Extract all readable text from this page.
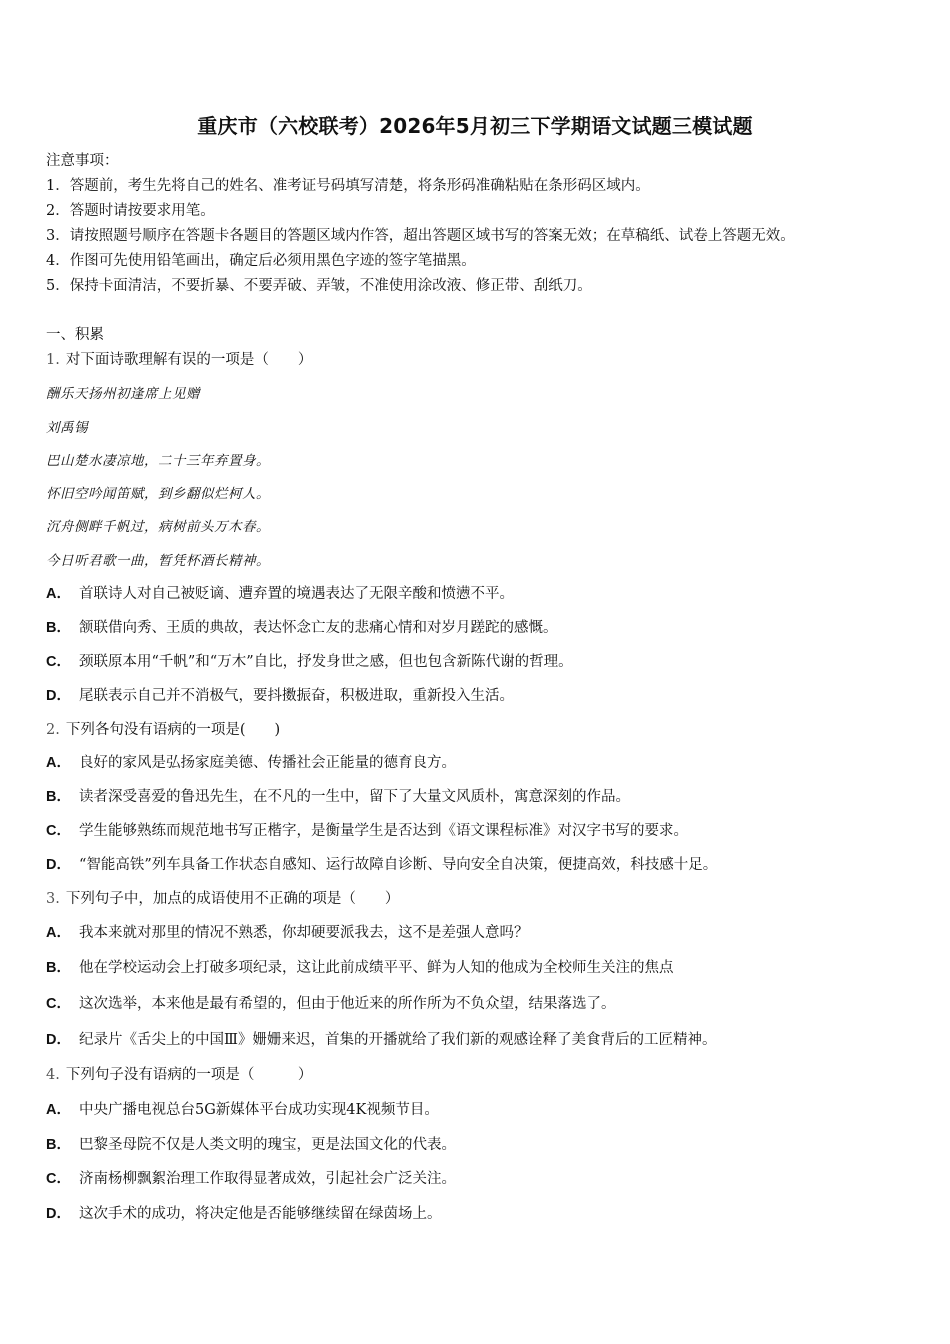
重庆市（六校联考）2026年5月初三下学期语文试题三模试题
注意事项：
1．答题前，考生先将自己的姓名、准考证号码填写清楚，将条形码准确粘贴在条形码区域内。
2．答题时请按要求用笔。
3．请按照题号顺序在答题卡各题目的答题区域内作答，超出答题区域书写的答案无效；在草稿纸、试卷上答题无效。
4．作图可先使用铅笔画出，确定后必须用黑色字迹的签字笔描黑。
5．保持卡面清洁，不要折暴、不要弄破、弄皱，不准使用涂改液、修正带、刮纸刀。
一、积累
1. 对下面诗歌理解有误的一项是（　　）
酬乐天扬州初逢席上见赠
刘禹锡
巴山楚水凄凉地，二十三年弃置身。
怀旧空吟闻笛赋，到乡翻似烂柯人。
沉舟侧畔千帆过，病树前头万木春。
今日听君歌一曲，暂凭杯酒长精神。
A． 首联诗人对自己被贬谪、遭弃置的境遇表达了无限辛酸和愤懑不平。
B． 颔联借向秀、王质的典故，表达怀念亡友的悲痛心情和对岁月蹉跎的感慨。
C． 颈联原本用“千帆”和“万木”自比，抒发身世之感，但也包含新陈代谢的哲理。
D． 尾联表示自己并不消极气，要抖擞振奋，积极进取，重新投入生活。
2. 下列各句没有语病的一项是(　　)
A． 良好的家风是弘扬家庭美德、传播社会正能量的德育良方。
B． 读者深受喜爱的鲁迅先生，在不凡的一生中，留下了大量文风质朴，寓意深刻的作品。
C． 学生能够熟练而规范地书写正楷字，是衡量学生是否达到《语文课程标准》对汉字书写的要求。
D． “智能高铁”列车具备工作状态自感知、运行故障自诊断、导向安全自决策，便捷高效，科技感十足。
3. 下列句子中，加点的成语使用不正确的项是（　　）
A． 我本来就对那里的情况不熟悉，你却硬要派我去，这不是差强人意吗？
B． 他在学校运动会上打破多项纪录，这让此前成绩平平、鲜为人知的他成为全校师生关注的焦点
C． 这次选举，本来他是最有希望的，但由于他近来的所作所为不负众望，结果落选了。
D． 纪录片《舌尖上的中国Ⅲ》姗姗来迟，首集的开播就给了我们新的观感诠释了美食背后的工匠精神。
4. 下列句子没有语病的一项是（　　　）
A． 中央广播电视总台5G新媒体平台成功实现4K视频节目。
B． 巴黎圣母院不仅是人类文明的瑰宝，更是法国文化的代表。
C． 济南杨柳飘絮治理工作取得显著成效，引起社会广泛关注。
D． 这次手术的成功，将决定他是否能够继续留在绿茵场上。
